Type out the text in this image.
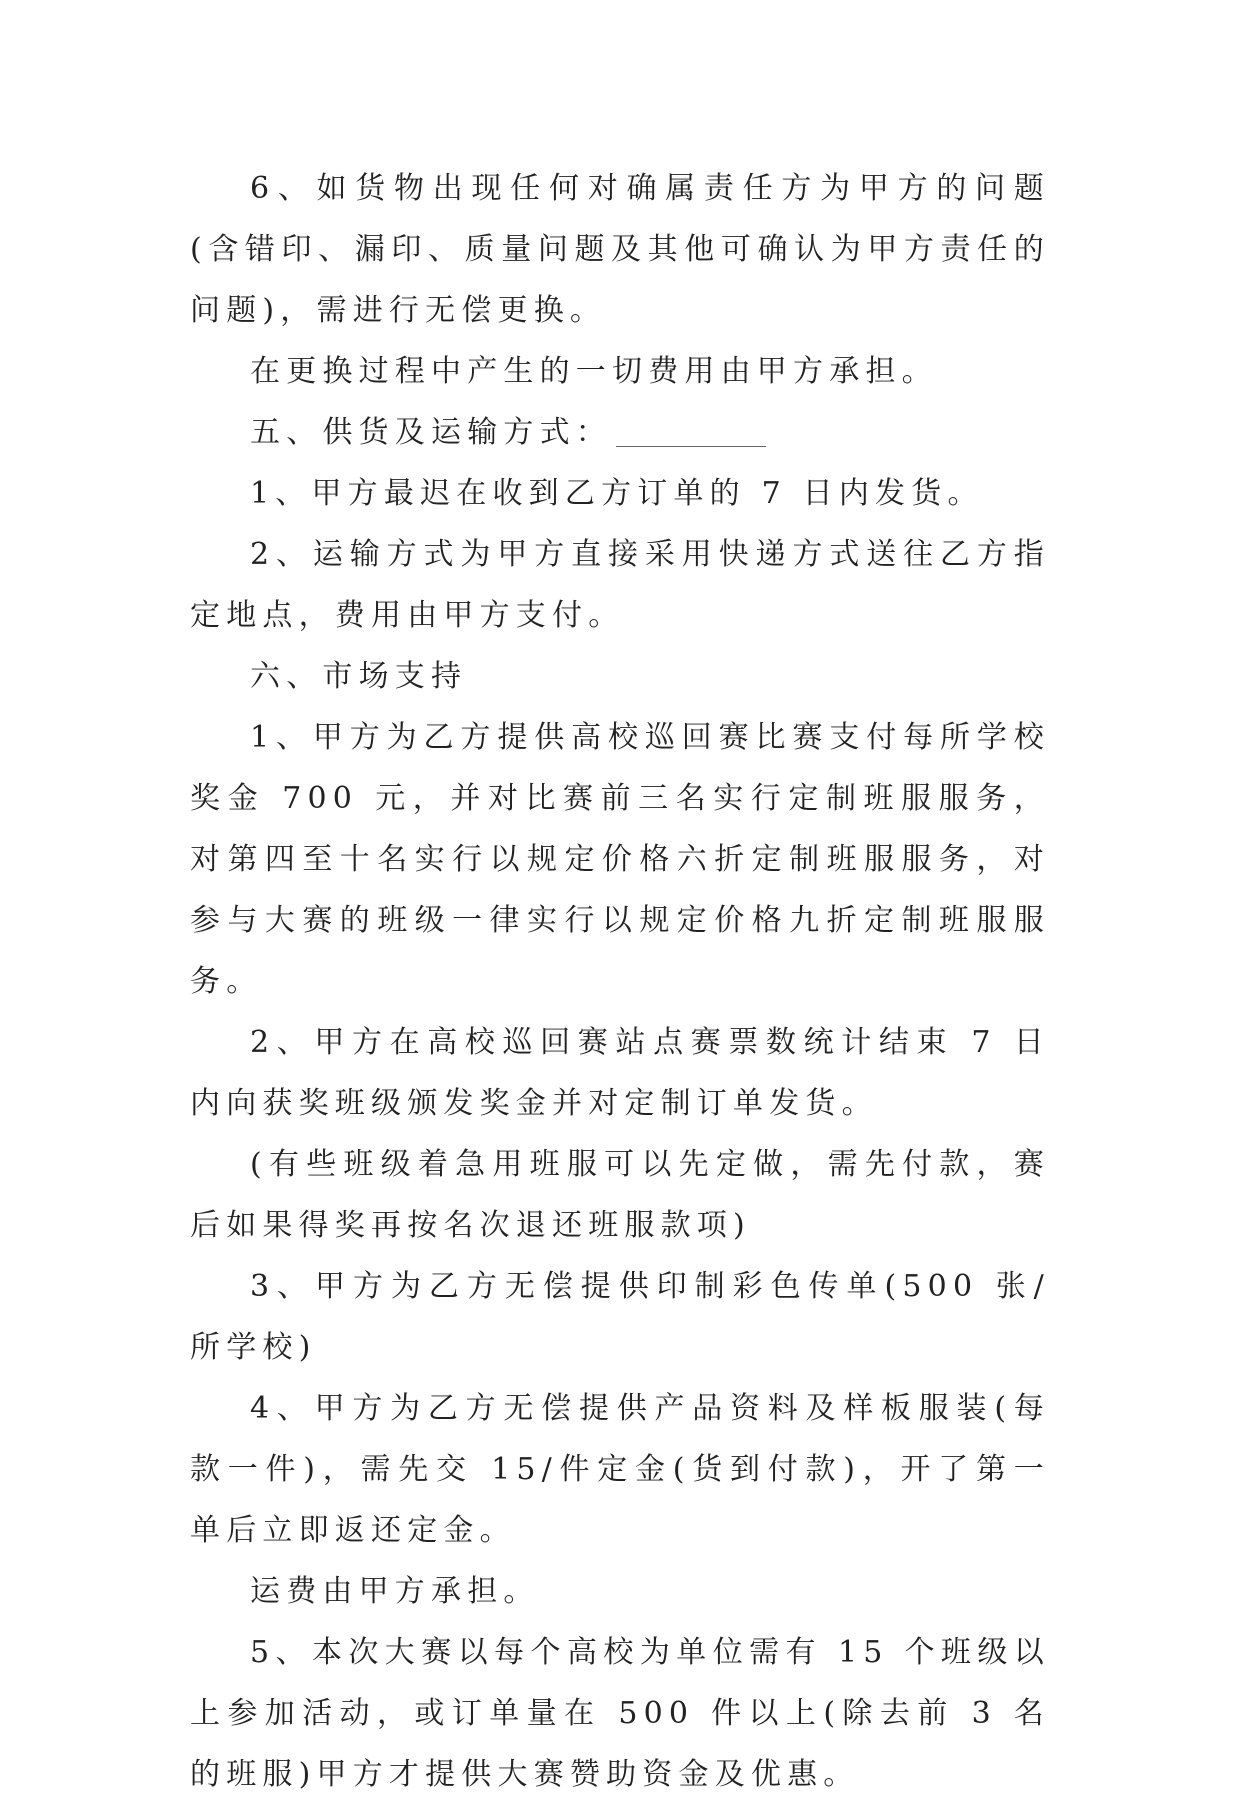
6、如货物出现任何对确属责任方为甲方的问题(含错印、漏印、质量问题及其他可确认为甲方责任的问题)，需进行无偿更换。

在更换过程中产生的一切费用由甲方承担。

五、供货及运输方式：

1、甲方最迟在收到乙方订单的 7 日内发货。

2、运输方式为甲方直接采用快递方式送往乙方指定地点，费用由甲方支付。

六、市场支持

1、甲方为乙方提供高校巡回赛比赛支付每所学校奖金 700 元，并对比赛前三名实行定制班服服务，对第四至十名实行以规定价格六折定制班服服务，对参与大赛的班级一律实行以规定价格九折定制班服服务。

2、甲方在高校巡回赛站点赛票数统计结束 7 日内向获奖班级颁发奖金并对定制订单发货。

(有些班级着急用班服可以先定做，需先付款，赛后如果得奖再按名次退还班服款项)

3、甲方为乙方无偿提供印制彩色传单(500 张/所学校)

4、甲方为乙方无偿提供产品资料及样板服装(每款一件)，需先交 15/件定金(货到付款)，开了第一单后立即返还定金。

运费由甲方承担。

5、本次大赛以每个高校为单位需有 15 个班级以上参加活动，或订单量在 500 件以上(除去前 3 名的班服)甲方才提供大赛赞助资金及优惠。
